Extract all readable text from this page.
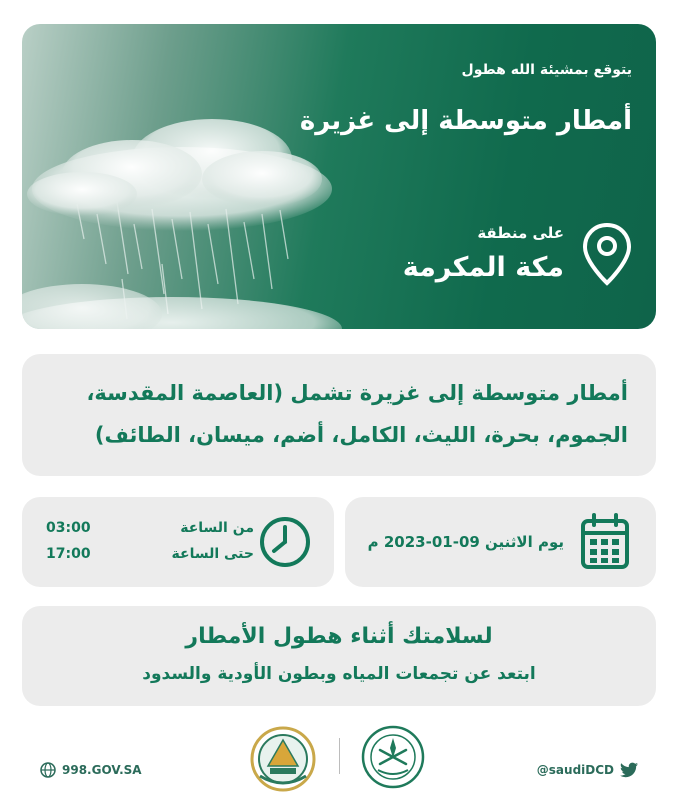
يتوقع بمشيئة الله هطول
أمطار متوسطة إلى غزيرة
على منطقة
مكة المكرمة
أمطار متوسطة إلى غزيرة تشمل (العاصمة المقدسة، الجموم، بحرة، الليث، الكامل، أضم، ميسان، الطائف)
03:00	من الساعة
17:00	حتى الساعة
يوم الاثنين 09-01-2023 م
لسلامتك أثناء هطول الأمطار
ابتعد عن تجمعات المياه وبطون الأودية والسدود
998.GOV.SA	@saudiDCD
